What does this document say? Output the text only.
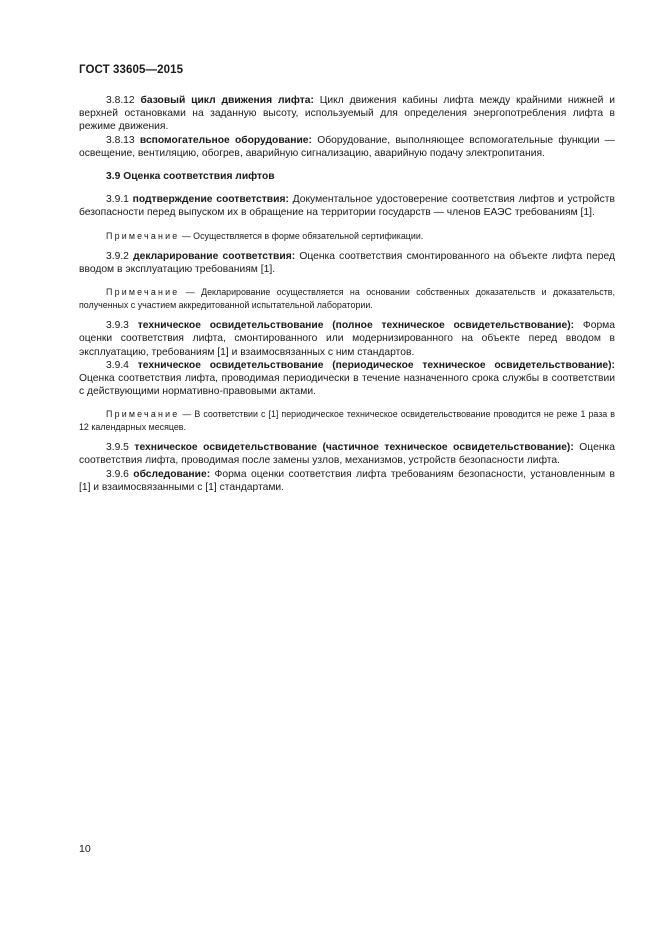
ГОСТ 33605—2015

3.8.12 базовый цикл движения лифта: Цикл движения кабины лифта между крайними нижней и верхней остановками на заданную высоту, используемый для определения энергопотребления лифта в режиме движения.

3.8.13 вспомогательное оборудование: Оборудование, выполняющее вспомогательные функции — освещение, вентиляцию, обогрев, аварийную сигнализацию, аварийную подачу электропитания.

3.9 Оценка соответствия лифтов

3.9.1 подтверждение соответствия: Документальное удостоверение соответствия лифтов и устройств безопасности перед выпуском их в обращение на территории государств — членов ЕАЭС требованиям [1].

Примечание — Осуществляется в форме обязательной сертификации.

3.9.2 декларирование соответствия: Оценка соответствия смонтированного на объекте лифта перед вводом в эксплуатацию требованиям [1].

Примечание — Декларирование осуществляется на основании собственных доказательств и доказательств, полученных с участием аккредитованной испытательной лаборатории.

3.9.3 техническое освидетельствование (полное техническое освидетельствование): Форма оценки соответствия лифта, смонтированного или модернизированного на объекте перед вводом в эксплуатацию, требованиям [1] и взаимосвязанных с ним стандартов.

3.9.4 техническое освидетельствование (периодическое техническое освидетельствование): Оценка соответствия лифта, проводимая периодически в течение назначенного срока службы в соответствии с действующими нормативно-правовыми актами.

Примечание — В соответствии с [1] периодическое техническое освидетельствование проводится не реже 1 раза в 12 календарных месяцев.

3.9.5 техническое освидетельствование (частичное техническое освидетельствование): Оценка соответствия лифта, проводимая после замены узлов, механизмов, устройств безопасности лифта.

3.9.6 обследование: Форма оценки соответствия лифта требованиям безопасности, установленным в [1] и взаимосвязанными с [1] стандартами.

10
